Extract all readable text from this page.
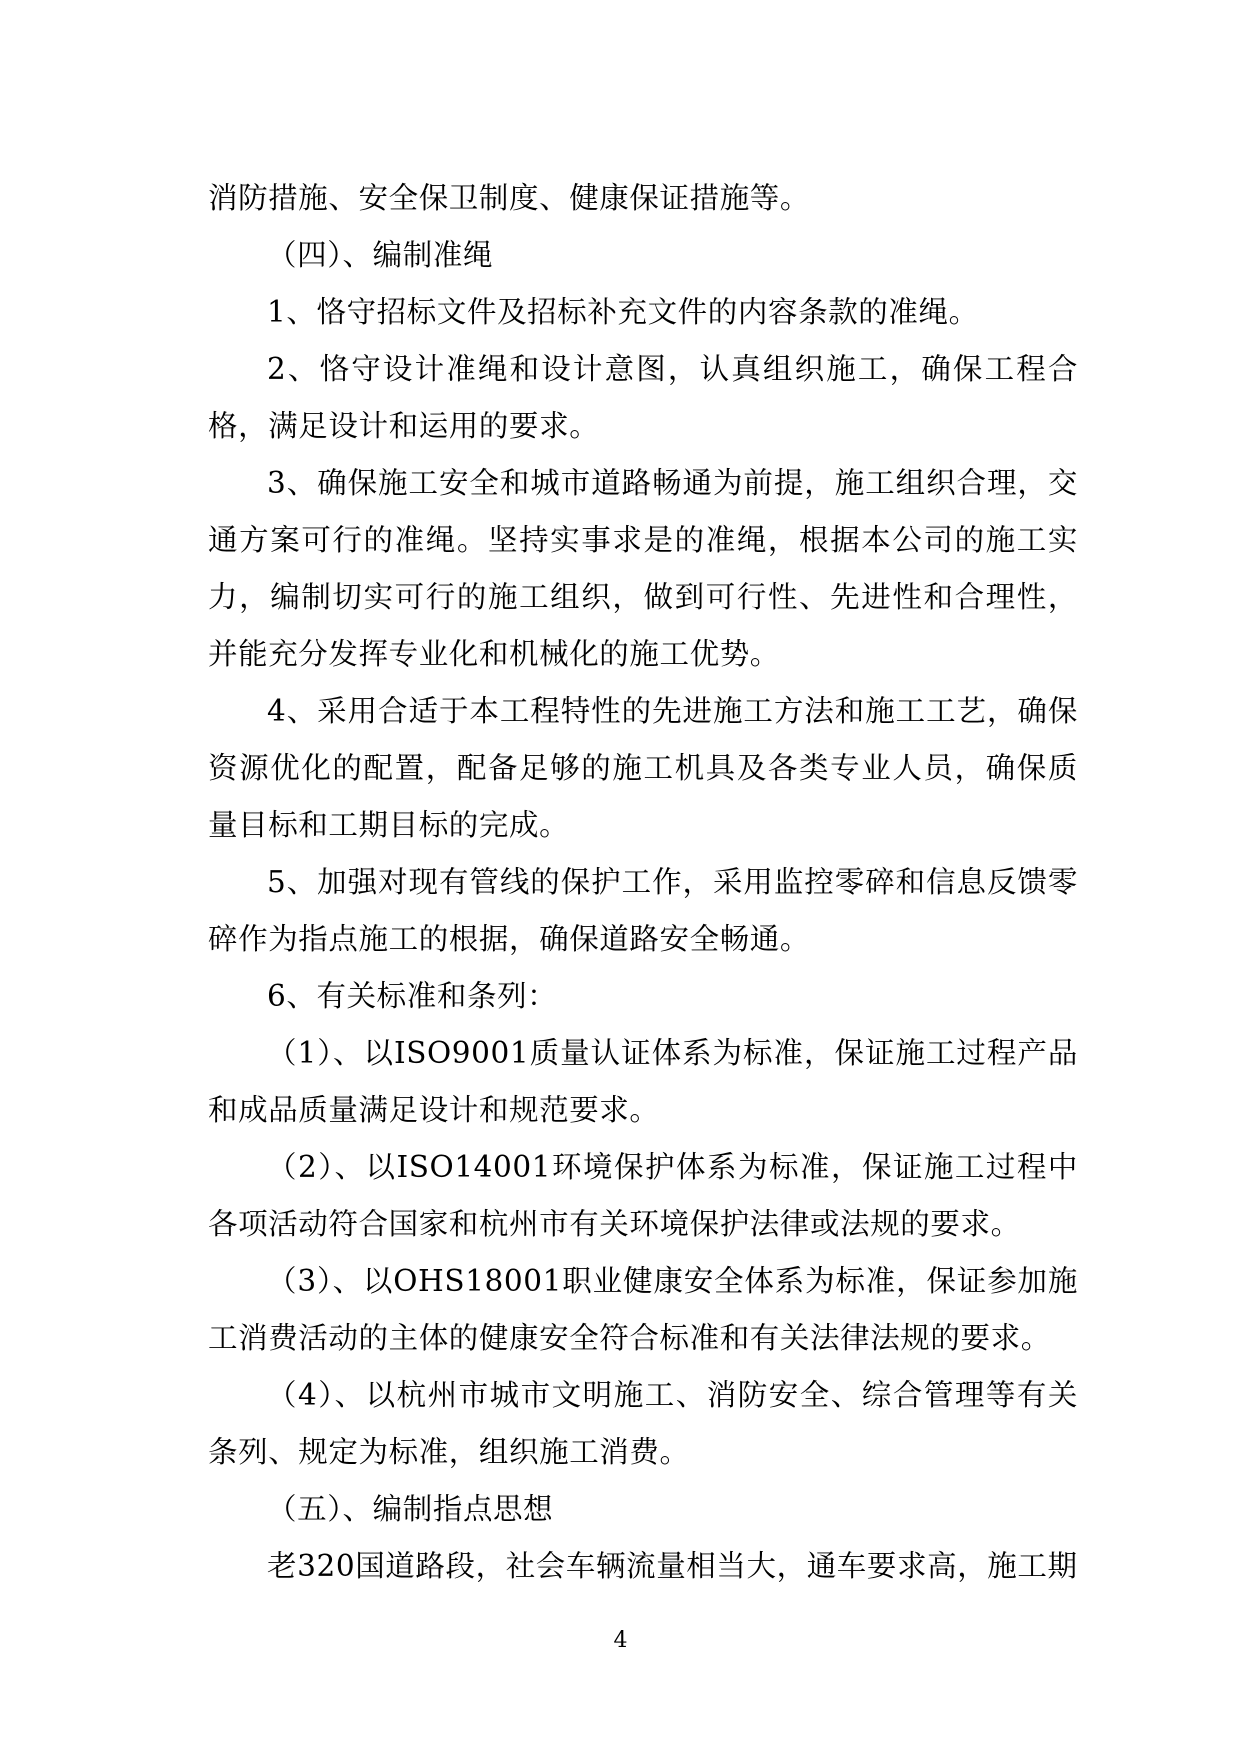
消防措施、安全保卫制度、健康保证措施等。

（四）、编制准绳

1、恪守招标文件及招标补充文件的内容条款的准绳。

2、恪守设计准绳和设计意图，认真组织施工，确保工程合格，满足设计和运用的要求。

3、确保施工安全和城市道路畅通为前提，施工组织合理，交通方案可行的准绳。坚持实事求是的准绳，根据本公司的施工实力，编制切实可行的施工组织，做到可行性、先进性和合理性，并能充分发挥专业化和机械化的施工优势。

4、采用合适于本工程特性的先进施工方法和施工工艺，确保资源优化的配置，配备足够的施工机具及各类专业人员，确保质量目标和工期目标的完成。

5、加强对现有管线的保护工作，采用监控零碎和信息反馈零碎作为指点施工的根据，确保道路安全畅通。

6、有关标准和条列：

（1）、以ISO9001质量认证体系为标准，保证施工过程产品和成品质量满足设计和规范要求。

（2）、以ISO14001环境保护体系为标准，保证施工过程中各项活动符合国家和杭州市有关环境保护法律或法规的要求。

（3）、以OHS18001职业健康安全体系为标准，保证参加施工消费活动的主体的健康安全符合标准和有关法律法规的要求。

（4）、以杭州市城市文明施工、消防安全、综合管理等有关条列、规定为标准，组织施工消费。

（五）、编制指点思想

老320国道路段，社会车辆流量相当大，通车要求高，施工期

4
